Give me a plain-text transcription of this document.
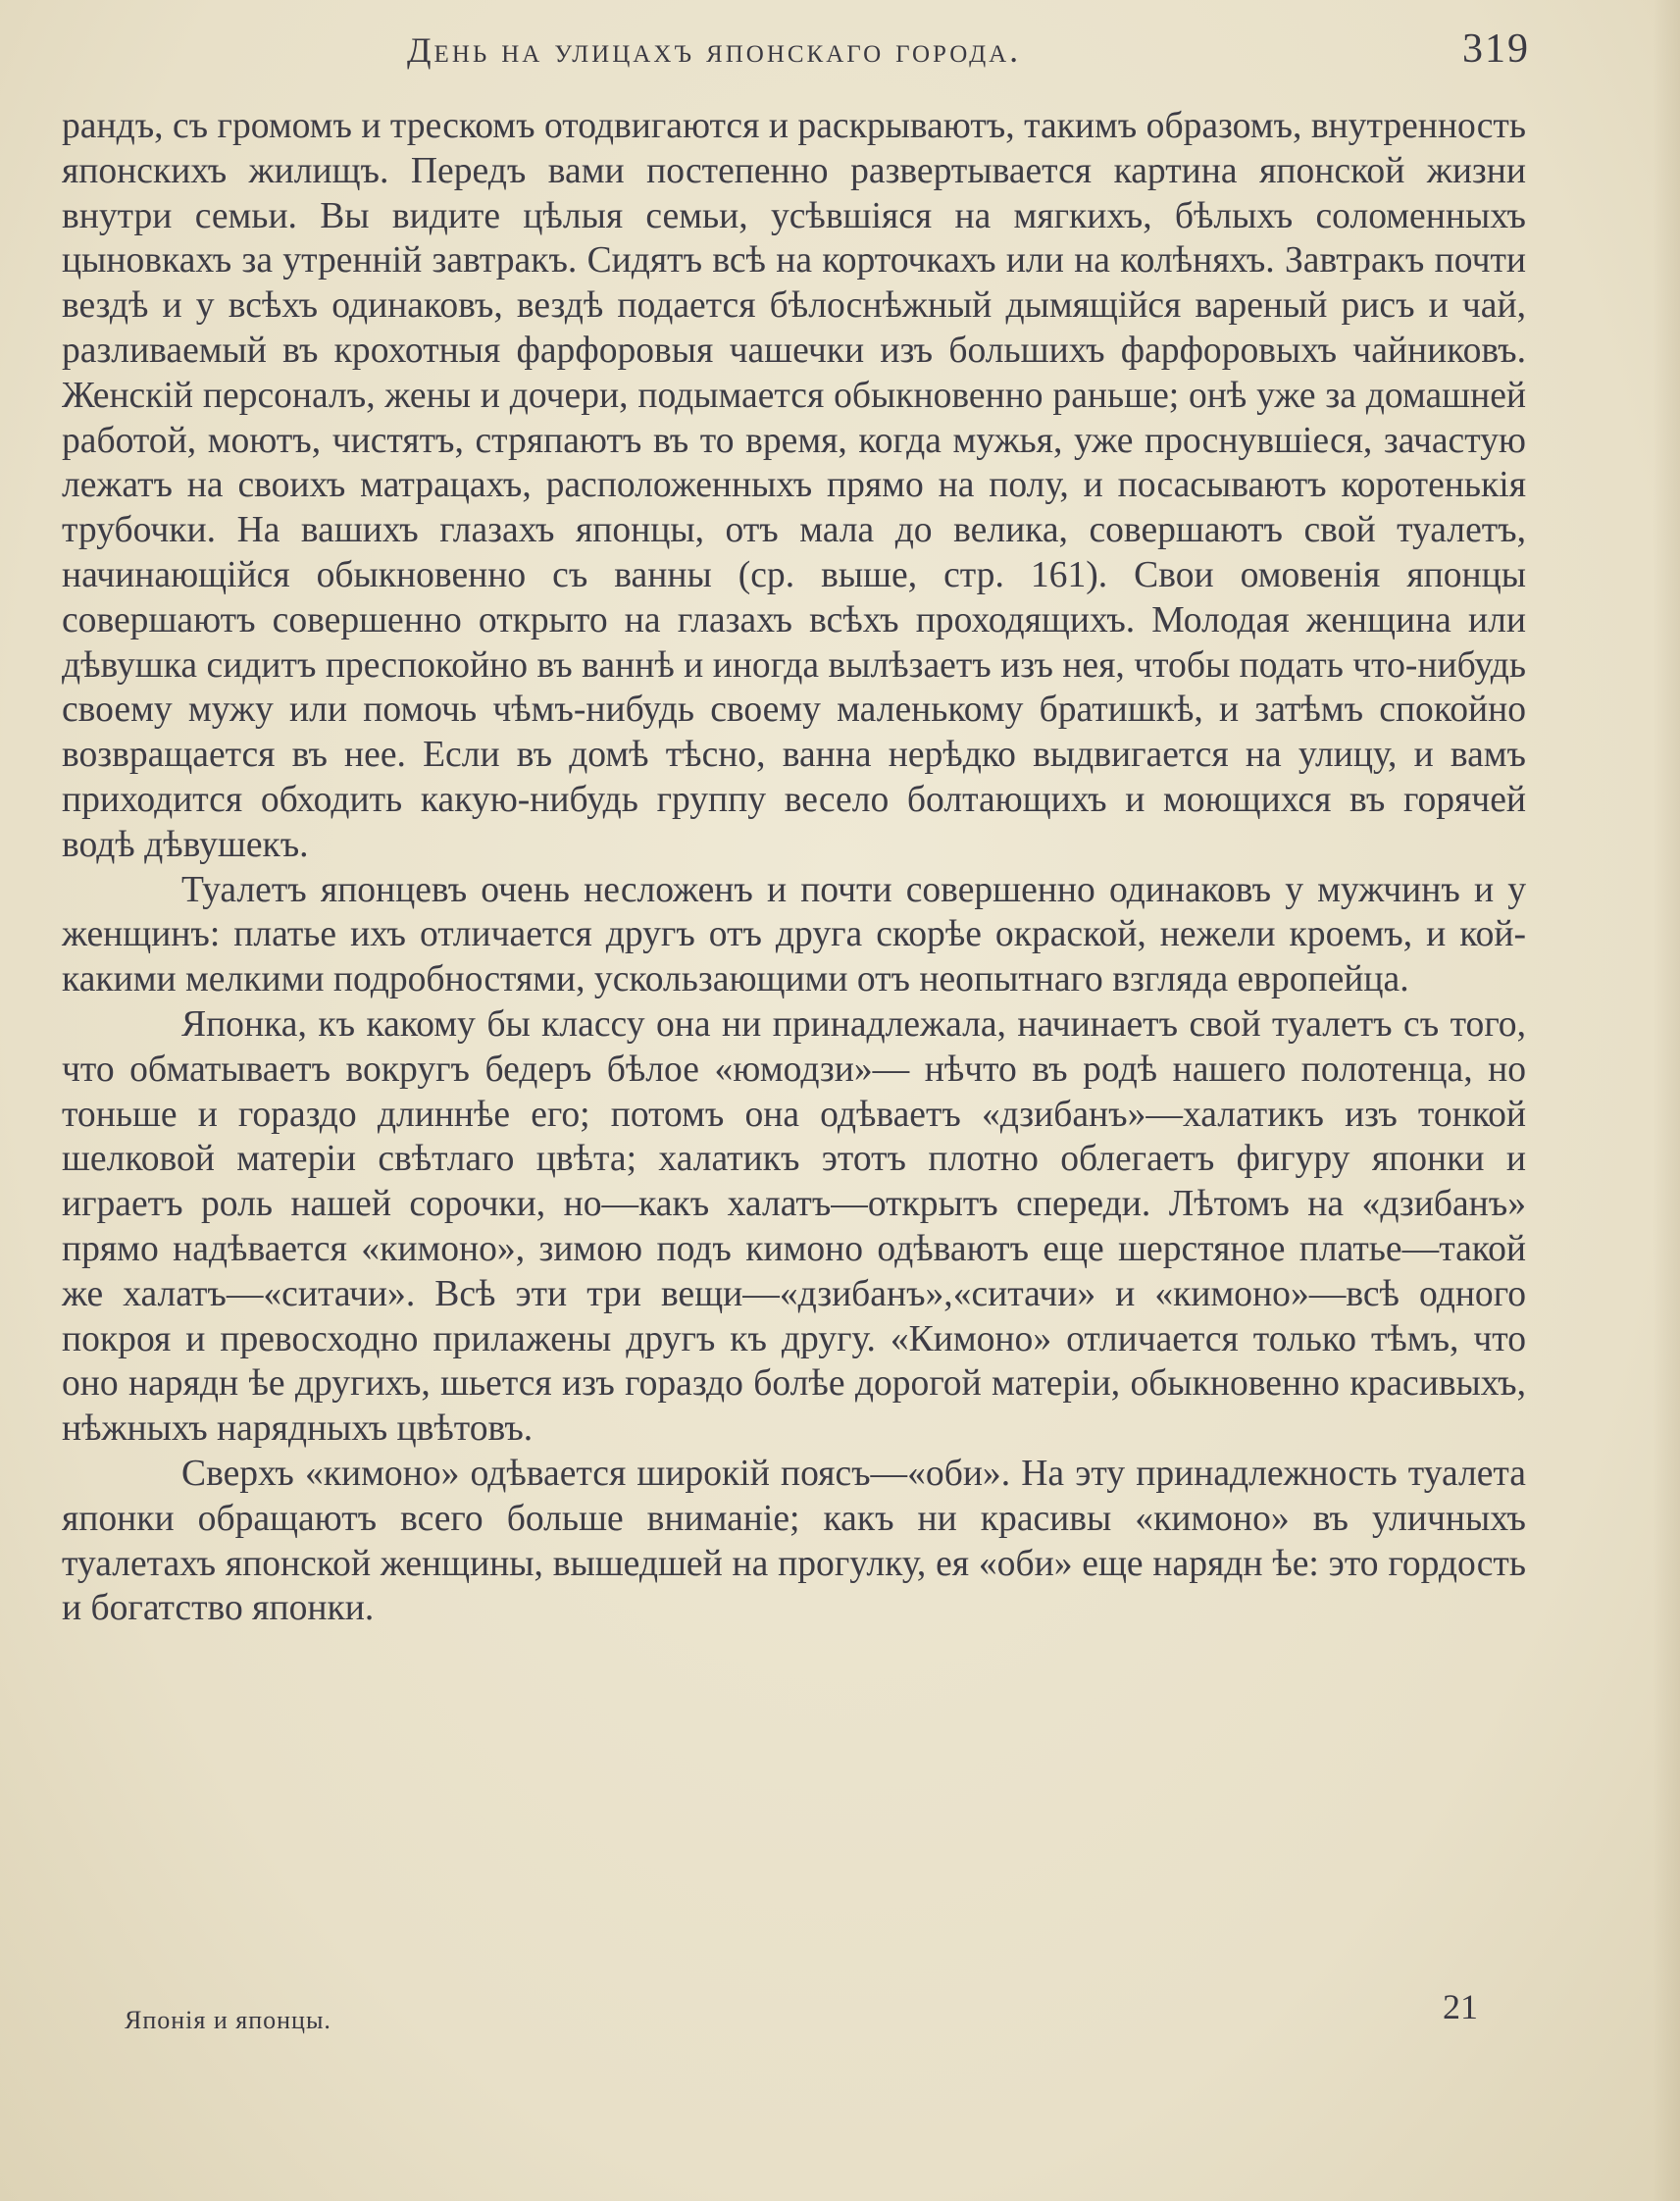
День на улицахъ японскаго города.	319

рандъ, съ громомъ и трескомъ отодвигаются и раскрываютъ, такимъ образомъ, внутренность японскихъ жилищъ. Передъ вами постепенно развертывается картина японской жизни внутри семьи. Вы видите цѣлыя семьи, усѣвшіяся на мягкихъ, бѣлыхъ соломенныхъ цыновкахъ за утренній завтракъ. Сидятъ всѣ на корточкахъ или на колѣняхъ. Завтракъ почти вездѣ и у всѣхъ одинаковъ, вездѣ подается бѣлоснѣжный дымящійся вареный рисъ и чай, разливаемый въ крохотныя фарфоровыя чашечки изъ большихъ фарфоровыхъ чайниковъ. Женскій персоналъ, жены и дочери, подымается обыкновенно раньше; онѣ уже за домашней работой, моютъ, чистятъ, стряпаютъ въ то время, когда мужья, уже проснувшіеся, зачастую лежатъ на своихъ матрацахъ, расположенныхъ прямо на полу, и посасываютъ коротенькія трубочки. На вашихъ глазахъ японцы, отъ мала до велика, совершаютъ свой туалетъ, начинающійся обыкновенно съ ванны (ср. выше, стр. 161). Свои омовенія японцы совершаютъ совершенно открыто на глазахъ всѣхъ проходящихъ. Молодая женщина или дѣвушка сидитъ преспокойно въ ваннѣ и иногда вылѣзаетъ изъ нея, чтобы подать что-нибудь своему мужу или помочь чѣмъ-нибудь своему маленькому братишкѣ, и затѣмъ спокойно возвращается въ нее. Если въ домѣ тѣсно, ванна нерѣдко выдвигается на улицу, и вамъ приходится обходить какую-нибудь группу весело болтающихъ и моющихся въ горячей водѣ дѣвушекъ.

Туалетъ японцевъ очень несложенъ и почти совершенно одинаковъ у мужчинъ и у женщинъ: платье ихъ отличается другъ отъ друга скорѣе окраской, нежели кроемъ, и кой-какими мелкими подробностями, ускользающими отъ неопытнаго взгляда европейца.

Японка, къ какому бы классу она ни принадлежала, начинаетъ свой туалетъ съ того, что обматываетъ вокругъ бедеръ бѣлое «юмодзи»— нѣчто въ родѣ нашего полотенца, но тоньше и гораздо длиннѣе его; потомъ она одѣваетъ «дзибанъ»—халатикъ изъ тонкой шелковой матеріи свѣтлаго цвѣта; халатикъ этотъ плотно облегаетъ фигуру японки и играетъ роль нашей сорочки, но—какъ халатъ—открытъ спереди. Лѣтомъ на «дзибанъ» прямо надѣвается «кимоно», зимою подъ кимоно одѣваютъ еще шерстяное платье—такой же халатъ—«ситачи». Всѣ эти три вещи—«дзибанъ»,«ситачи» и «кимоно»—всѣ одного покроя и превосходно прилажены другъ къ другу. «Кимоно» отличается только тѣмъ, что оно нарядн ѣе другихъ, шьется изъ гораздо болѣе дорогой матеріи, обыкновенно красивыхъ, нѣжныхъ нарядныхъ цвѣтовъ.

Сверхъ «кимоно» одѣвается широкій поясъ—«оби». На эту принадлежность туалета японки обращаютъ всего больше вниманіе; какъ ни красивы «кимоно» въ уличныхъ туалетахъ японской женщины, вышедшей на прогулку, ея «оби» еще нарядн ѣе: это гордость и богатство японки.

Японія и японцы.	21
